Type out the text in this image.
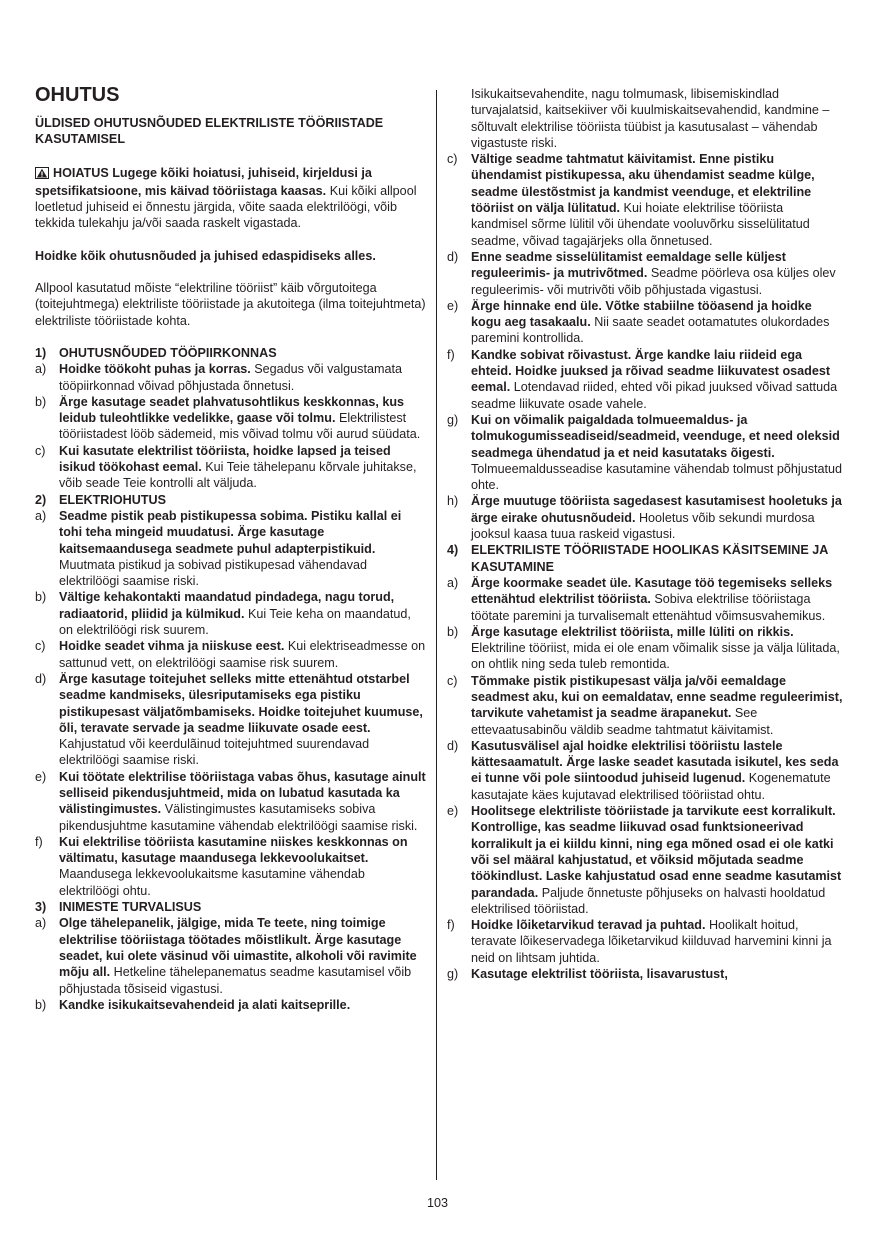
OHUTUS
ÜLDISED OHUTUSNÕUDED ELEKTRILISTE TÖÖRIISTADE KASUTAMISEL
HOIATUS Lugege kõiki hoiatusi, juhiseid, kirjeldusi ja spetsifikatsioone, mis käivad tööriistaga kaasas. Kui kõiki allpool loetletud juhiseid ei õnnestu järgida, võite saada elektrilöögi, võib tekkida tulekahju ja/või saada raskelt vigastada.
Hoidke kõik ohutusnõuded ja juhised edaspidiseks alles.
Allpool kasutatud mõiste “elektriline tööriist” käib võrgutoitega (toitejuhtmega) elektriliste tööriistade ja akutoitega (ilma toitejuhtmeta) elektriliste tööriistade kohta.
1)	OHUTUSNÕUDED TÖÖPIIRKONNAS
a)	Hoidke töökoht puhas ja korras. Segadus või valgustamata tööpiirkonnad võivad põhjustada õnnetusi.
b)	Ärge kasutage seadet plahvatusohtlikus keskkonnas, kus leidub tuleohtlikke vedelikke, gaase või tolmu. Elektrilistest tööriistadest lööb sädemeid, mis võivad tolmu või aurud süüdata.
c)	Kui kasutate elektrilist tööriista, hoidke lapsed ja teised isikud töökohast eemal. Kui Teie tähelepanu kõrvale juhitakse, võib seade Teie kontrolli alt väljuda.
2)	ELEKTRIOHUTUS
a)	Seadme pistik peab pistikupessa sobima. Pistiku kallal ei tohi teha mingeid muudatusi. Ärge kasutage kaitsemaandusega seadmete puhul adapterpistikuid. Muutmata pistikud ja sobivad pistikupesad vähendavad elektrilöögi saamise riski.
b)	Vältige kehakontakti maandatud pindadega, nagu torud, radiaatorid, pliidid ja külmikud. Kui Teie keha on maandatud, on elektrilöögi risk suurem.
c)	Hoidke seadet vihma ja niiskuse eest. Kui elektriseadmesse on sattunud vett, on elektrilöögi saamise risk suurem.
d)	Ärge kasutage toitejuhet selleks mitte ettenähtud otstarbel seadme kandmiseks, ülesriputamiseks ega pistiku pistikupesast väljatõmbamiseks. Hoidke toitejuhet kuumuse, õli, teravate servade ja seadme liikuvate osade eest. Kahjustatud või keerdulãinud toitejuhtmed suurendavad elektrilöögi saamise riski.
e)	Kui töötate elektrilise tööriistaga vabas õhus, kasutage ainult selliseid pikendusjuhtmeid, mida on lubatud kasutada ka välistingimustes. Välistingimustes kasutamiseks sobiva pikendusjuhtme kasutamine vähendab elektrilöögi saamise riski.
f)	Kui elektrilise tööriista kasutamine niiskes keskkonnas on vältimatu, kasutage maandusega lekkevoolukaitset. Maandusega lekkevoolukaitsme kasutamine vähendab elektrilöögi ohtu.
3)	INIMESTE TURVALISUS
a)	Olge tähelepanelik, jälgige, mida Te teete, ning toimige elektrilise tööriistaga töötades mõistlikult. Ärge kasutage seadet, kui olete väsinud või uimastite, alkoholi või ravimite mõju all. Hetkeline tähelepanematus seadme kasutamisel võib põhjustada tõsiseid vigastusi.
b)	Kandke isikukaitsevahendeid ja alati kaitseprille.
Isikukaitsevahendite, nagu tolmumask, libisemiskindlad turvajalatsid, kaitsekiiver või kuulmiskaitsevahendid, kandmine – sõltuvalt elektrilise tööriista tüübist ja kasutusalast – vähendab vigastuste riski.
c)	Vältige seadme tahtmatut käivitamist. Enne pistiku ühendamist pistikupessa, aku ühendamist seadme külge, seadme ülestõstmist ja kandmist veenduge, et elektriline tööriist on välja lülitatud. Kui hoiate elektrilise tööriista kandmisel sõrme lülitil või ühendate vooluvõrku sisselülitatud seadme, võivad tagajärjeks olla õnnetused.
d)	Enne seadme sisselülitamist eemaldage selle küljest reguleerimis- ja mutrivõtmed. Seadme pöörleva osa küljes olev reguleerimis- või mutrivõti võib põhjustada vigastusi.
e)	Ärge hinnake end üle. Võtke stabiilne tööasend ja hoidke kogu aeg tasakaalu. Nii saate seadet ootamatutes olukordades paremini kontrollida.
f)	Kandke sobivat rõivastust. Ärge kandke laiu riideid ega ehteid. Hoidke juuksed ja rõivad seadme liikuvatest osadest eemal. Lotendavad riided, ehted või pikad juuksed võivad sattuda seadme liikuvate osade vahele.
g)	Kui on võimalik paigaldada tolmueemaldus- ja tolmukogumisseadiseid/seadmeid, veenduge, et need oleksid seadmega ühendatud ja et neid kasutataks õigesti. Tolmueemaldusseadise kasutamine vähendab tolmust põhjustatud ohte.
h)	Ärge muutuge tööriista sagedasest kasutamisest hooletuks ja ärge eirake ohutusnõudeid. Hooletus võib sekundi murdosa jooksul kaasa tuua raskeid vigastusi.
4)	ELEKTRILISTE TÖÖRIISTADE HOOLIKAS KÄSITSEMINE JA KASUTAMINE
a)	Ärge koormake seadet üle. Kasutage töö tegemiseks selleks ettenähtud elektrilist tööriista. Sobiva elektrilise tööriistaga töötate paremini ja turvalisemalt ettenähtud võimsusvahemikus.
b)	Ärge kasutage elektrilist tööriista, mille lüliti on rikkis. Elektriline tööriist, mida ei ole enam võimalik sisse ja välja lülitada, on ohtlik ning seda tuleb remontida.
c)	Tõmmake pistik pistikupesast välja ja/või eemaldage seadmest aku, kui on eemaldatav, enne seadme reguleerimist, tarvikute vahetamist ja seadme ärapanekut. See ettevaatusabinõu väldib seadme tahtmatut käivitamist.
d)	Kasutusvälisel ajal hoidke elektrilisi tööriistu lastele kättesaamatult. Ärge laske seadet kasutada isikutel, kes seda ei tunne või pole siintoodud juhiseid lugenud. Kogenematute kasutajate käes kujutavad elektrilised tööriistad ohtu.
e)	Hoolitsege elektriliste tööriistade ja tarvikute eest korralikult. Kontrollige, kas seadme liikuvad osad funktsioneerivad korralikult ja ei kiildu kinni, ning ega mõned osad ei ole katki või sel määral kahjustatud, et võiksid mõjutada seadme töökindlust. Laske kahjustatud osad enne seadme kasutamist parandada. Paljude õnnetuste põhjuseks on halvasti hooldatud elektrilised tööriistad.
f)	Hoidke lõiketarvikud teravad ja puhtad. Hoolikalt hoitud, teravate lõikeservadega lõiketarvikud kiilduvad harvemini kinni ja neid on lihtsam juhtida.
g)	Kasutage elektrilist tööriista, lisavarustust,
103
